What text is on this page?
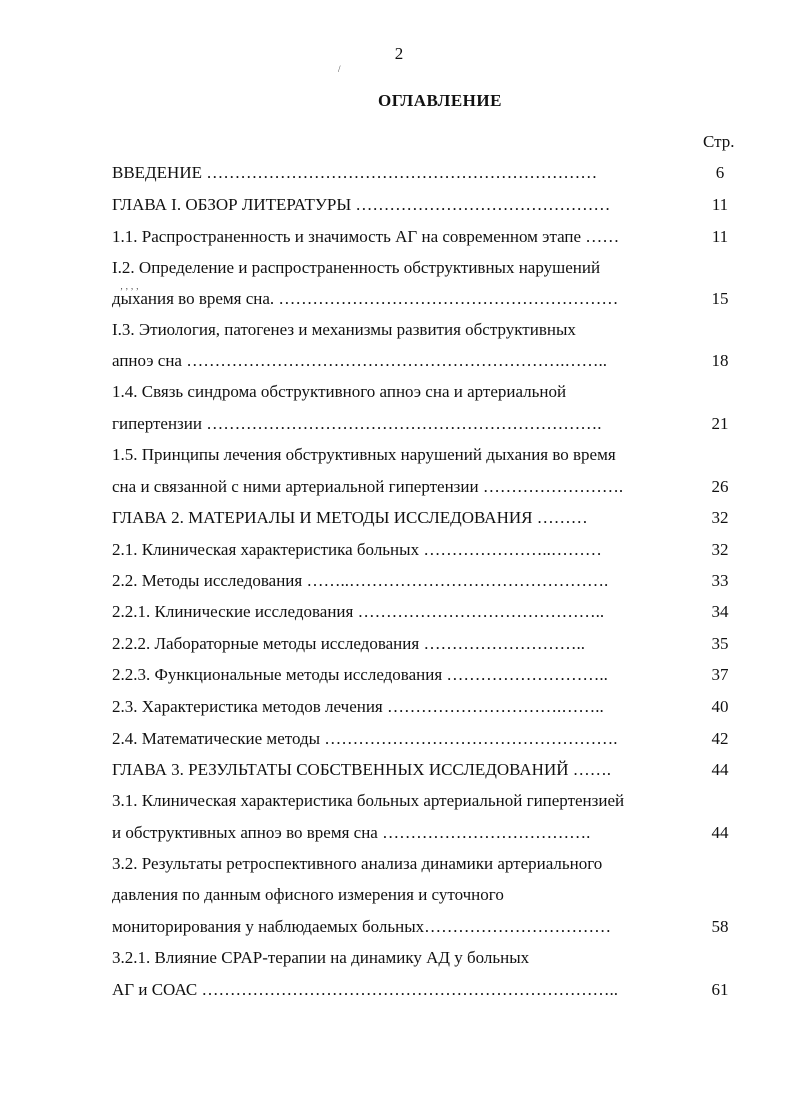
2
/
ОГЛАВЛЕНИЕ
Стр.
ВВЕДЕНИЕ ……………………………………………………………	6
ГЛАВА I. ОБЗОР ЛИТЕРАТУРЫ ………………………………………	11
1.1. Распространенность и значимость АГ на современном этапе ……	11
I.2. Определение и распространенность обструктивных нарушений
дыхания во время сна. ……………………………………………………	15
‚ ‚ ‚ ‚
I.3. Этиология, патогенез и механизмы развития обструктивных
апноэ сна ………………………………………………………….……..	18
1.4. Связь синдрома обструктивного апноэ сна и артериальной
гипертензии …………………………………………………………….	21
1.5. Принципы лечения обструктивных нарушений дыхания во время
сна и связанной с ними артериальной гипертензии …………………….	26
ГЛАВА 2. МАТЕРИАЛЫ И МЕТОДЫ ИССЛЕДОВАНИЯ ………	32
2.1. Клиническая характеристика больных …………………..………	32
2.2. Методы исследования ……..……………………………………….	33
2.2.1. Клинические исследования ……………………………………..	34
2.2.2. Лабораторные методы исследования ………………………..	35
2.2.3. Функциональные методы исследования ………………………..	37
2.3. Характеристика методов лечения ………………………….……..	40
2.4. Математические методы …………………………………………….	42
ГЛАВА 3. РЕЗУЛЬТАТЫ СОБСТВЕННЫХ ИССЛЕДОВАНИЙ …….	44
3.1. Клиническая характеристика больных артериальной гипертензией
и обструктивных апноэ во время сна ……………………………….	44
3.2. Результаты ретроспективного анализа динамики артериального
давления по данным офисного измерения и суточного
мониторирования у наблюдаемых больных……………………………	58
3.2.1. Влияние CPAP-терапии на динамику АД у больных
АГ и СОАС ………………………………………………………………..	61
